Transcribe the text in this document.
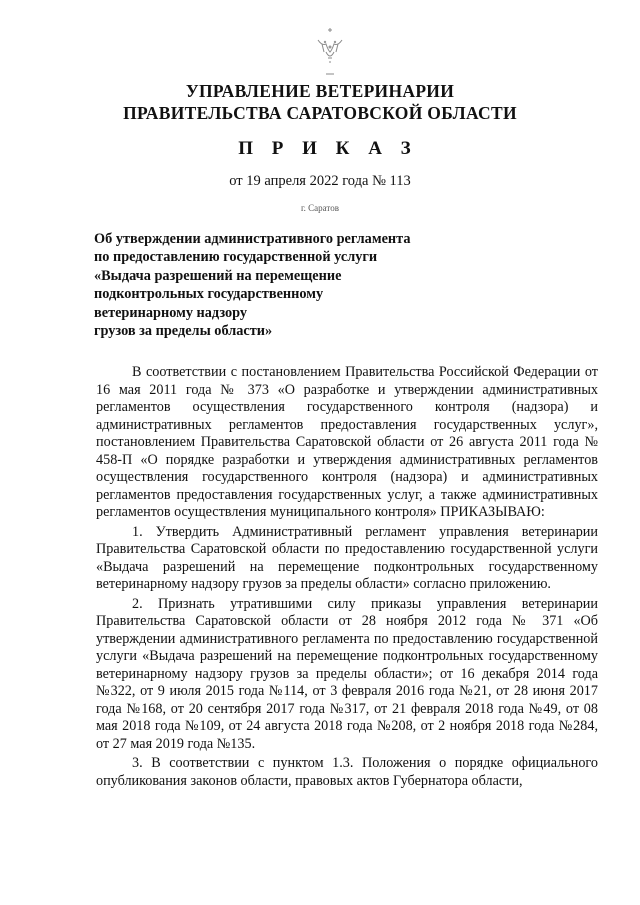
УПРАВЛЕНИЕ ВЕТЕРИНАРИИ
ПРАВИТЕЛЬСТВА САРАТОВСКОЙ ОБЛАСТИ
П Р И К А З
от 19 апреля 2022 года № 113
г. Саратов
Об утверждении административного регламента
по предоставлению государственной услуги
«Выдача разрешений на перемещение
подконтрольных государственному
ветеринарному надзору
грузов за пределы области»

В соответствии с постановлением Правительства Российской Федерации от 16 мая 2011 года № 373 «О разработке и утверждении административных регламентов осуществления государственного контроля (надзора) и административных регламентов предоставления государственных услуг», постановлением Правительства Саратовской области от 26 августа 2011 года № 458-П «О порядке разработки и утверждения административных регламентов осуществления государственного контроля (надзора) и административных регламентов предоставления государственных услуг, а также административных регламентов осуществления муниципального контроля» ПРИКАЗЫВАЮ:

1. Утвердить Административный регламент управления ветеринарии Правительства Саратовской области по предоставлению государственной услуги «Выдача разрешений на перемещение подконтрольных государственному ветеринарному надзору грузов за пределы области» согласно приложению.

2. Признать утратившими силу приказы управления ветеринарии Правительства Саратовской области от 28 ноября 2012 года № 371 «Об утверждении административного регламента по предоставлению государственной услуги «Выдача разрешений на перемещение подконтрольных государственному ветеринарному надзору грузов за пределы области»; от 16 декабря 2014 года №322, от 9 июля 2015 года №114, от 3 февраля 2016 года №21, от 28 июня 2017 года №168, от 20 сентября 2017 года №317, от 21 февраля 2018 года №49, от 08 мая 2018 года №109, от 24 августа 2018 года №208, от 2 ноября 2018 года №284, от 27 мая 2019 года №135.

3. В соответствии с пунктом 1.3. Положения о порядке официального опубликования законов области, правовых актов Губернатора области,
